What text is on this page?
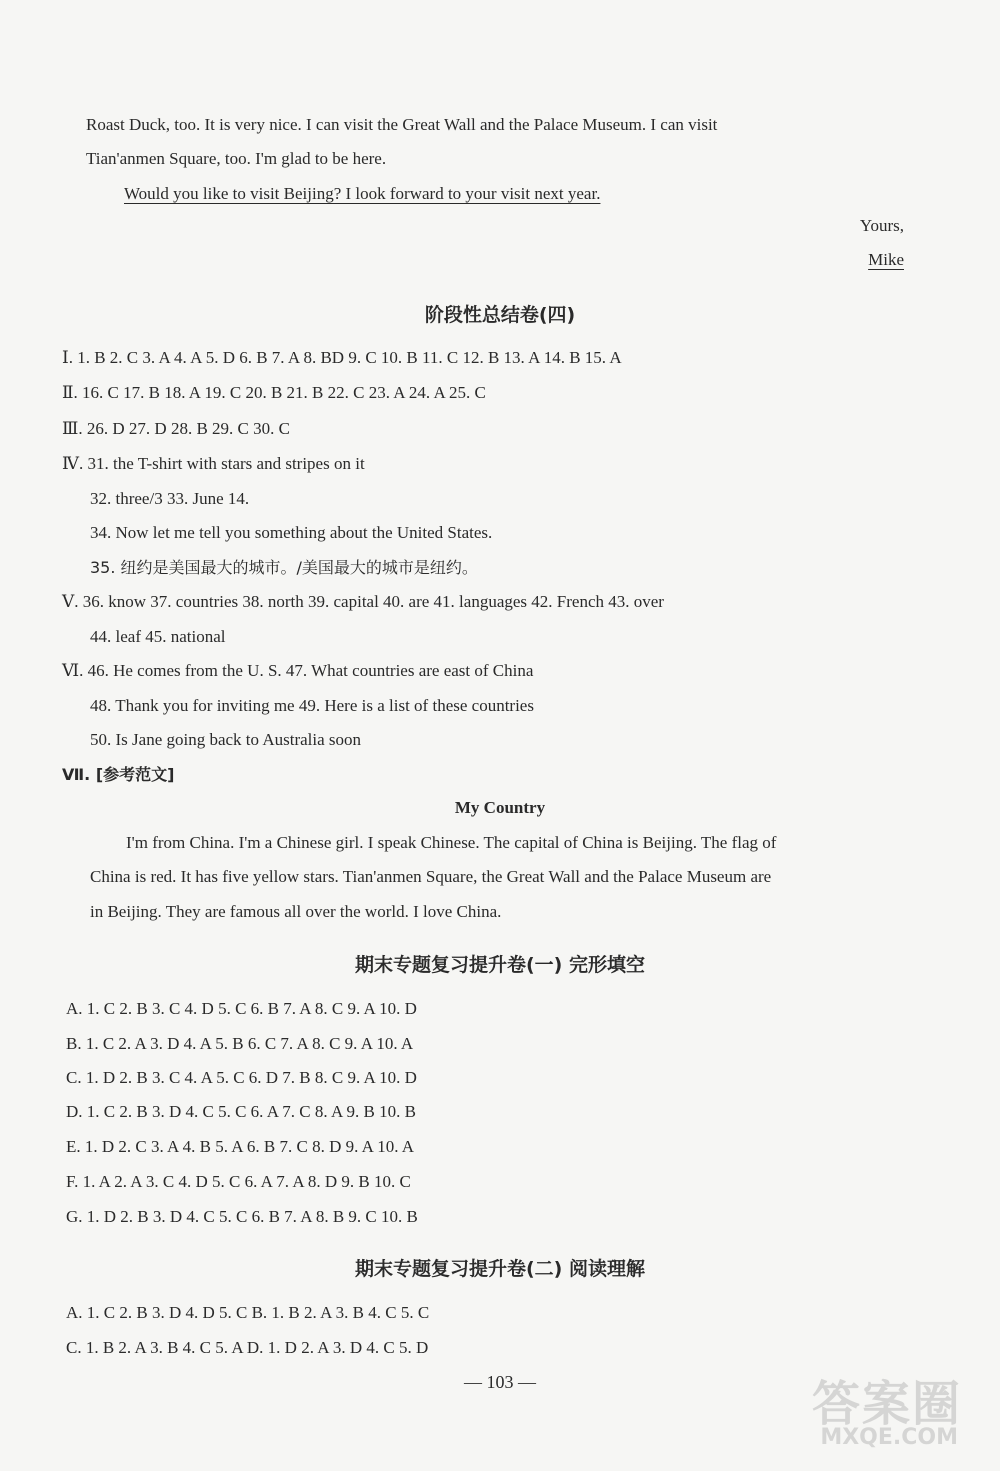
Roast Duck, too. It is very nice. I can visit the Great Wall and the Palace Museum. I can visit
Tian'anmen Square, too. I'm glad to be here.
Would you like to visit Beijing? I look forward to your visit next year.
Yours,
Mike
阶段性总结卷(四)
Ⅰ. 1. B 2. C 3. A 4. A 5. D 6. B 7. A 8. BD 9. C 10. B 11. C 12. B 13. A 14. B 15. A
Ⅱ. 16. C 17. B 18. A 19. C 20. B 21. B 22. C 23. A 24. A 25. C
Ⅲ. 26. D 27. D 28. B 29. C 30. C
Ⅳ. 31. the T-shirt with stars and stripes on it
32. three/3 33. June 14.
34. Now let me tell you something about the United States.
35. 纽约是美国最大的城市。/美国最大的城市是纽约。
Ⅴ. 36. know 37. countries 38. north 39. capital 40. are 41. languages 42. French 43. over
44. leaf 45. national
Ⅵ. 46. He comes from the U. S. 47. What countries are east of China
48. Thank you for inviting me 49. Here is a list of these countries
50. Is Jane going back to Australia soon
Ⅶ. [参考范文]
My Country
I'm from China. I'm a Chinese girl. I speak Chinese. The capital of China is Beijing. The flag of
China is red. It has five yellow stars. Tian'anmen Square, the Great Wall and the Palace Museum are
in Beijing. They are famous all over the world. I love China.
期末专题复习提升卷(一) 完形填空
A. 1. C 2. B 3. C 4. D 5. C 6. B 7. A 8. C 9. A 10. D
B. 1. C 2. A 3. D 4. A 5. B 6. C 7. A 8. C 9. A 10. A
C. 1. D 2. B 3. C 4. A 5. C 6. D 7. B 8. C 9. A 10. D
D. 1. C 2. B 3. D 4. C 5. C 6. A 7. C 8. A 9. B 10. B
E. 1. D 2. C 3. A 4. B 5. A 6. B 7. C 8. D 9. A 10. A
F. 1. A 2. A 3. C 4. D 5. C 6. A 7. A 8. D 9. B 10. C
G. 1. D 2. B 3. D 4. C 5. C 6. B 7. A 8. B 9. C 10. B
期末专题复习提升卷(二) 阅读理解
A. 1. C 2. B 3. D 4. D 5. C B. 1. B 2. A 3. B 4. C 5. C
C. 1. B 2. A 3. B 4. C 5. A D. 1. D 2. A 3. D 4. C 5. D
— 103 —	答案圈
MXQE.COM
